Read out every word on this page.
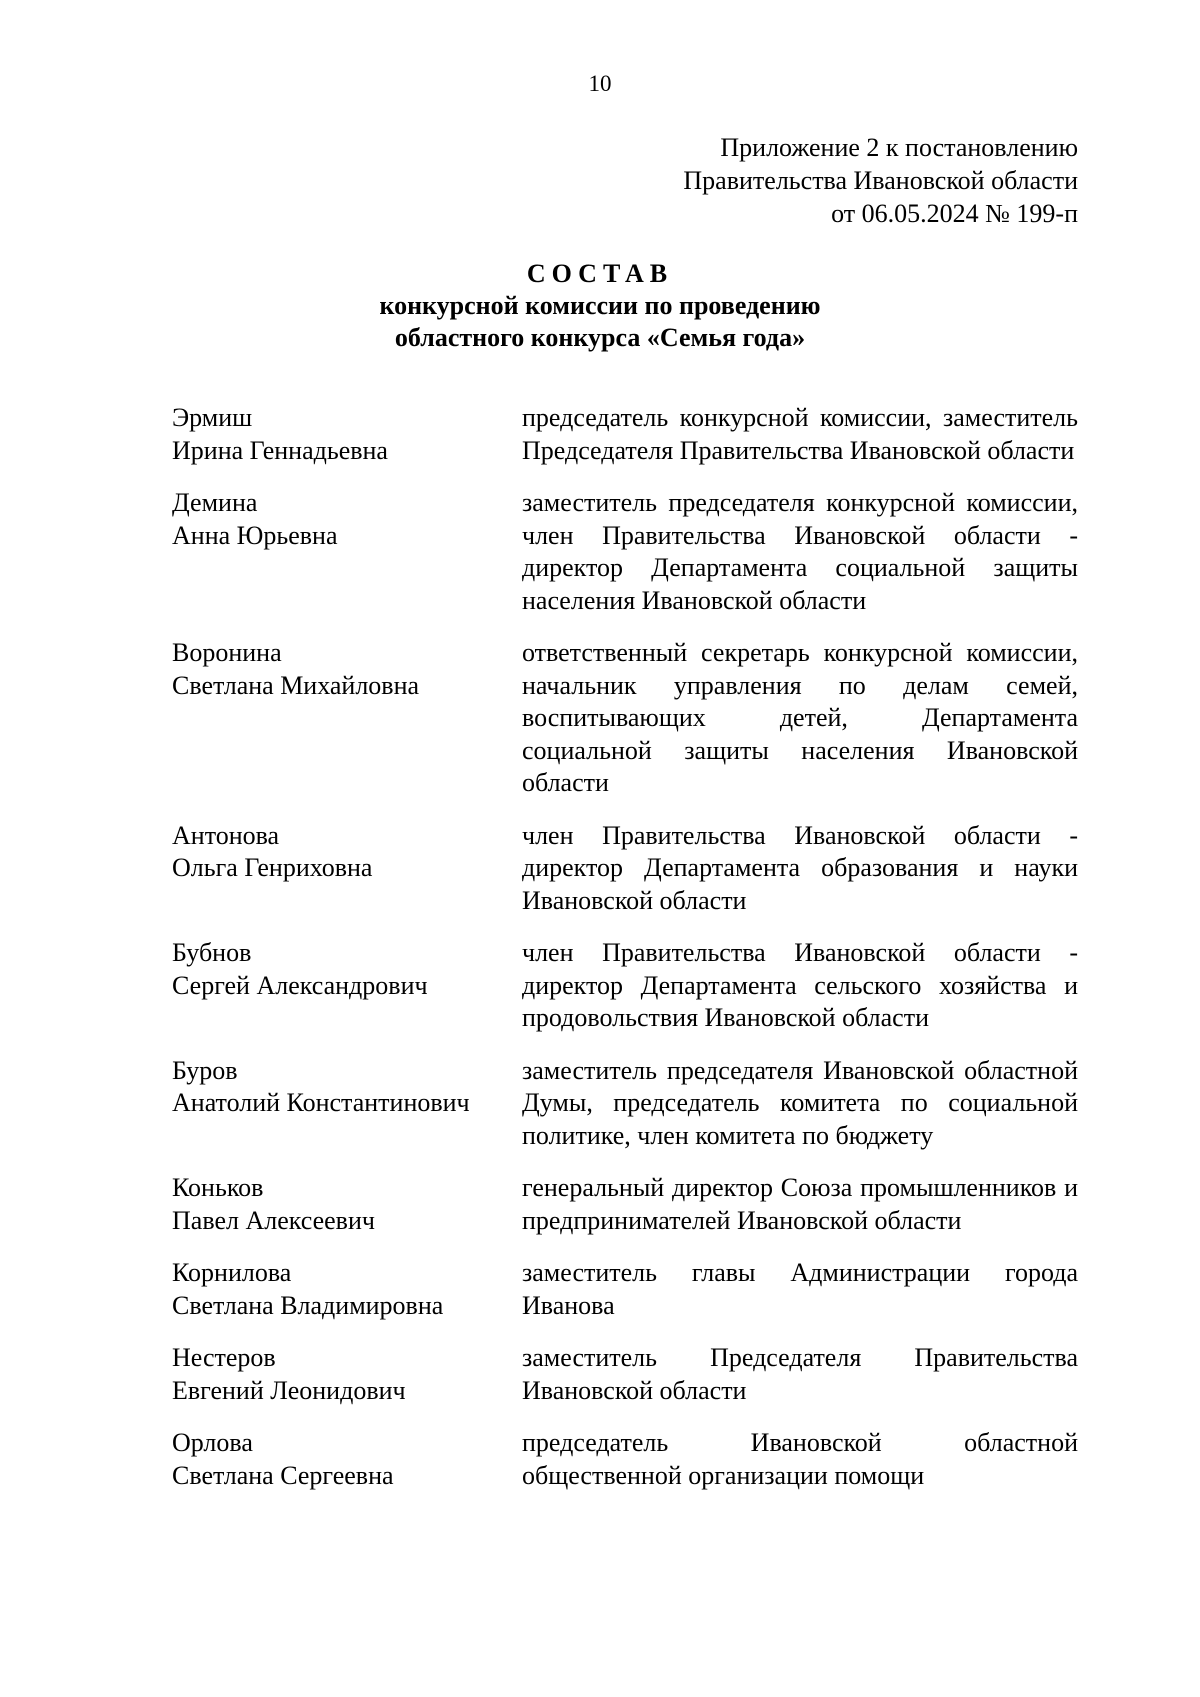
10
Приложение 2 к постановлению
Правительства Ивановской области
от 06.05.2024 № 199-п
СОСТАВ
конкурсной комиссии по проведению
областного конкурса «Семья года»
Эрмиш
Ирина Геннадьевна
председатель конкурсной комиссии, заместитель Председателя Правительства Ивановской области
Демина
Анна Юрьевна
заместитель председателя конкурсной комиссии, член Правительства Ивановской области - директор Департамента социальной защиты населения Ивановской области
Воронина
Светлана Михайловна
ответственный секретарь конкурсной комиссии, начальник управления по делам семей, воспитывающих детей, Департамента социальной защиты населения Ивановской области
Антонова
Ольга Генриховна
член Правительства Ивановской области - директор Департамента образования и науки Ивановской области
Бубнов
Сергей Александрович
член Правительства Ивановской области - директор Департамента сельского хозяйства и продовольствия Ивановской области
Буров
Анатолий Константинович
заместитель председателя Ивановской областной Думы, председатель комитета по социальной политике, член комитета по бюджету
Коньков
Павел Алексеевич
генеральный директор Союза промышленников и предпринимателей Ивановской области
Корнилова
Светлана Владимировна
заместитель главы Администрации города Иванова
Нестеров
Евгений Леонидович
заместитель Председателя Правительства Ивановской области
Орлова
Светлана Сергеевна
председатель Ивановской областной общественной организации помощи
